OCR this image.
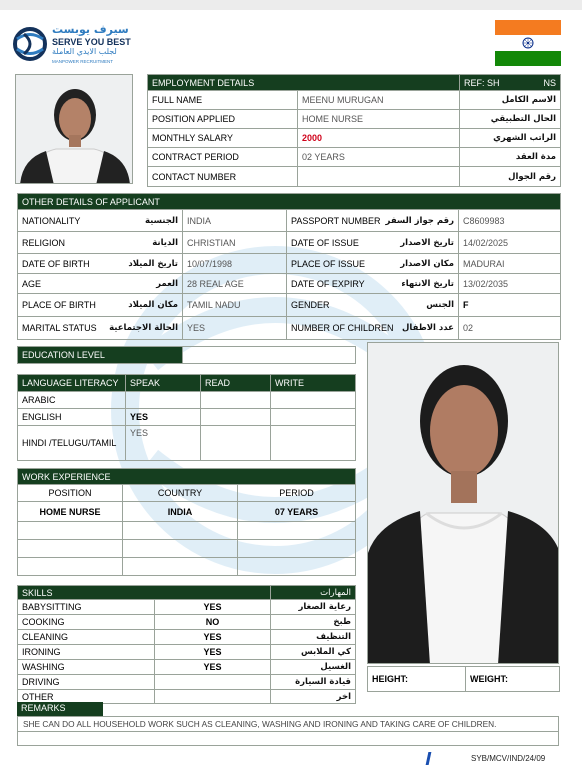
سيرف يوبست
SERVE YOU BEST
لجلب الايدي العاملة
MANPOWER RECRUITMENT
EMPLOYMENT DETAILS		REF: SH NS

FULL NAME	MEENU MURUGAN	الاسم الكامل
POSITION APPLIED	HOME NURSE	الحال التطبيقي
MONTHLY SALARY	2000	الراتب الشهري
CONTRACT PERIOD	02 YEARS	مدة العقد
CONTACT NUMBER		رقم الجوال
OTHER DETAILS OF APPLICANT			

NATIONALITY الجنسية	INDIA	PASSPORT NUMBER رقم جواز السفر	C8609983

RELIGION الديانة	CHRISTIAN	DATE OF ISSUE تاريخ الاصدار	14/02/2025

DATE OF BIRTH تاريخ الميلاد	10/07/1998	PLACE OF ISSUE مكان الاصدار	MADURAI

AGE العمر	28 REAL AGE	DATE OF EXPIRY تاريخ الانتهاء	13/02/2035

PLACE OF BIRTH مكان الميلاد	TAMIL NADU	GENDER الجنس	F

MARITAL STATUS الحالة الاجتماعية	YES	NUMBER OF CHILDREN عدد الاطفال	02
EDUCATION LEVEL	
LANGUAGE LITERACY	SPEAK	READ	WRITE
ARABIC			
ENGLISH	YES		
HINDI /TELUGU/TAMIL	YES		
WORK EXPERIENCE		
POSITION	COUNTRY	PERIOD
HOME NURSE	INDIA	07 YEARS

SKILLS		المهارات
BABYSITTING	YES	رعاية الصغار
COOKING	NO	طبخ
CLEANING	YES	التنظيف
IRONING	YES	كي الملابس
WASHING	YES	الغسيل
DRIVING		قيادة السيارة
OTHER		اخر
HEIGHT:	WEIGHT:
REMARKS
SHE CAN DO ALL HOUSEHOLD WORK SUCH AS CLEANING, WASHING AND IRONING AND TAKING CARE OF CHILDREN.
SYB/MCV/IND/24/09
